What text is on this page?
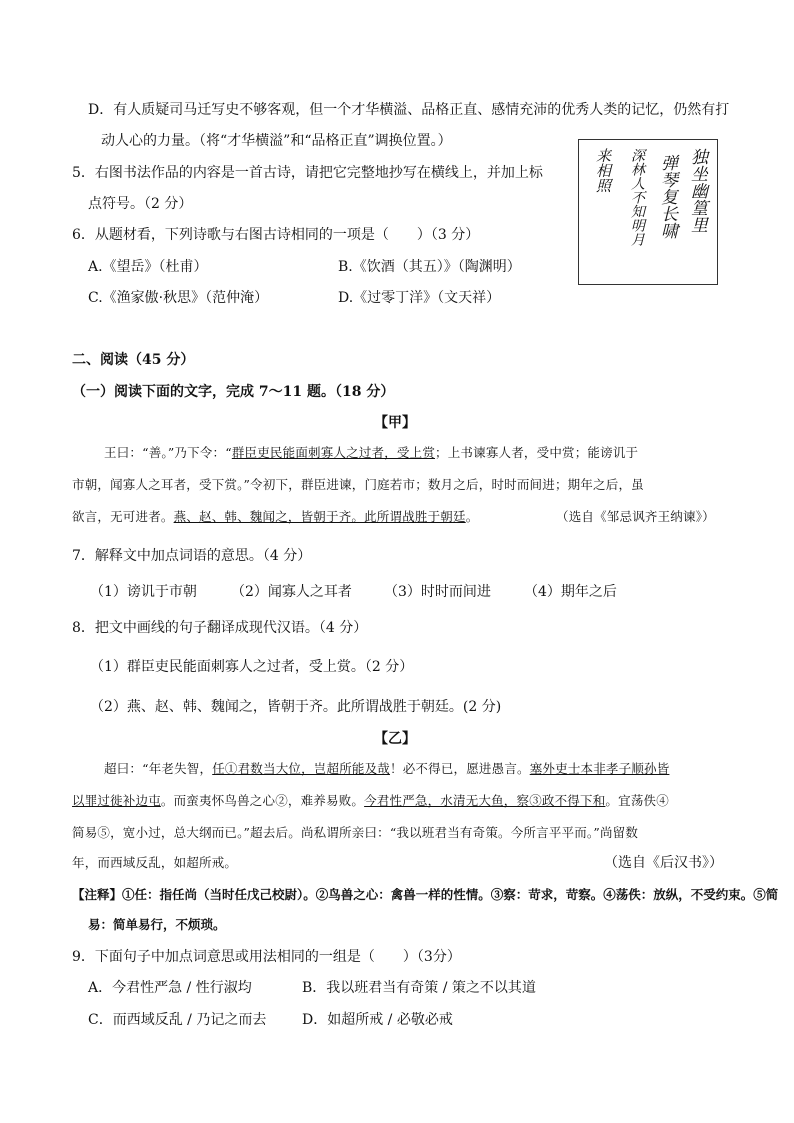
D．有人质疑司马迁写史不够客观，但一个才华横溢、品格正直、感情充沛的优秀人类的记忆，仍然有打
动人心的力量。（将“才华横溢”和“品格正直”调换位置。）
5．右图书法作品的内容是一首古诗，请把它完整地抄写在横线上，并加上标
点符号。（2 分）
6．从题材看，下列诗歌与右图古诗相同的一项是（　　）（3 分）
A.《望岳》（杜甫）	B.《饮酒（其五）》（陶渊明）
C.《渔家傲·秋思》（范仲淹）	D.《过零丁洋》（文天祥）
独坐幽篁里
弹琴复长啸
深林人不知明月
来相照
二、阅读（45 分）
（一）阅读下面的文字，完成 7～11 题。（18 分）
【甲】
王曰：“善。”乃下令：“群臣吏民能面刺寡人之过者，受上赏；上书谏寡人者，受中赏；能谤讥于
市朝，闻寡人之耳者，受下赏。”令初下，群臣进谏，门庭若市；数月之后，时时而间进；期年之后，虽
欲言，无可进者。燕、赵、韩、魏闻之，皆朝于齐。此所谓战胜于朝廷。	（选自《邹忌讽齐王纳谏》）
7．解释文中加点词语的意思。（4 分）
（1）谤讥于市朝 （2）闻寡人之耳者 （3）时时而间进 （4）期年之后
8．把文中画线的句子翻译成现代汉语。（4 分）
（1）群臣吏民能面刺寡人之过者，受上赏。（2 分）
（2）燕、赵、韩、魏闻之，皆朝于齐。此所谓战胜于朝廷。(2 分)
【乙】
超曰：“年老失智，任①君数当大位，岂超所能及哉！必不得已，愿进愚言。塞外吏士本非孝子顺孙皆
以罪过徙补边屯。而蛮夷怀鸟兽之心②，难养易败。今君性严急，水清无大鱼，察③政不得下和。宜荡佚④
简易⑤，宽小过，总大纲而已。”超去后。尚私谓所亲曰：“我以班君当有奇策。今所言平平而。”尚留数
年，而西域反乱，如超所戒。	（选自《后汉书》）
【注释】①任：指任尚（当时任戊己校尉）。②鸟兽之心：禽兽一样的性情。③察：苛求，苛察。④荡佚：放纵，不受约束。⑤简
易：简单易行，不烦琐。
9．下面句子中加点词意思或用法相同的一组是（　　）（3分）
A．今君性严急 / 性行淑均	B．我以班君当有奇策 / 策之不以其道
C．而西域反乱 / 乃记之而去	D．如超所戒 / 必敬必戒
